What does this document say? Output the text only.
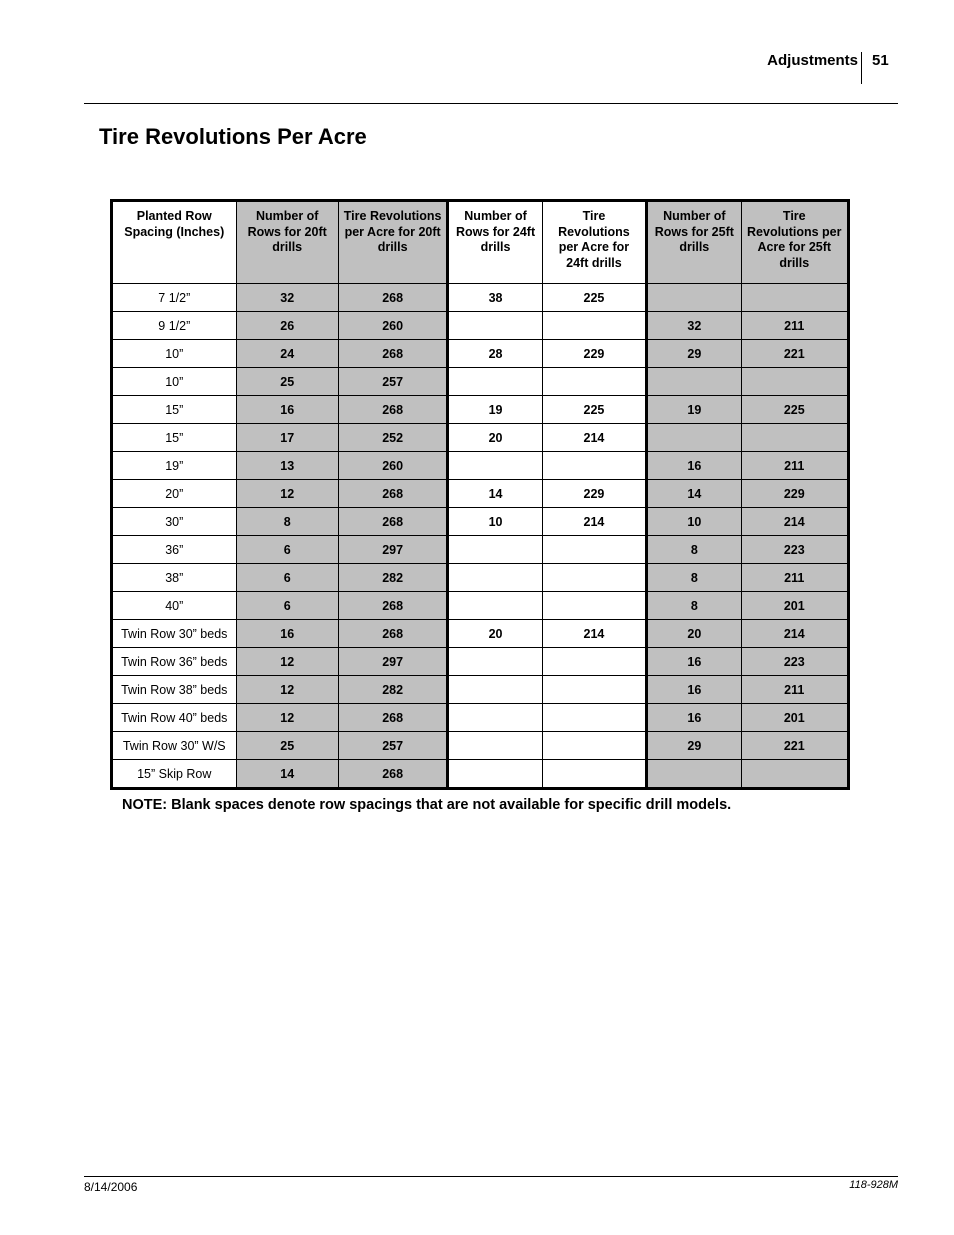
Adjustments 51
Tire Revolutions Per Acre
Planted Row Spacing (Inches)	Number of Rows for 20ft drills	Tire Revolutions per Acre for 20ft drills	Number of Rows for 24ft drills	Tire Revolutions per Acre for 24ft drills	Number of Rows for 25ft drills	Tire Revolutions per Acre for 25ft drills
7 1/2”	32	268	38	225		
9 1/2”	26	260			32	211
10”	24	268	28	229	29	221
10”	25	257				
15”	16	268	19	225	19	225
15”	17	252	20	214		
19”	13	260			16	211
20”	12	268	14	229	14	229
30”	8	268	10	214	10	214
36”	6	297			8	223
38”	6	282			8	211
40”	6	268			8	201
Twin Row 30” beds	16	268	20	214	20	214
Twin Row 36” beds	12	297			16	223
Twin Row 38” beds	12	282			16	211
Twin Row 40” beds	12	268			16	201
Twin Row 30” W/S	25	257			29	221
15” Skip Row	14	268				
NOTE: Blank spaces denote row spacings that are not available for specific drill models.
8/14/2006	118-928M
